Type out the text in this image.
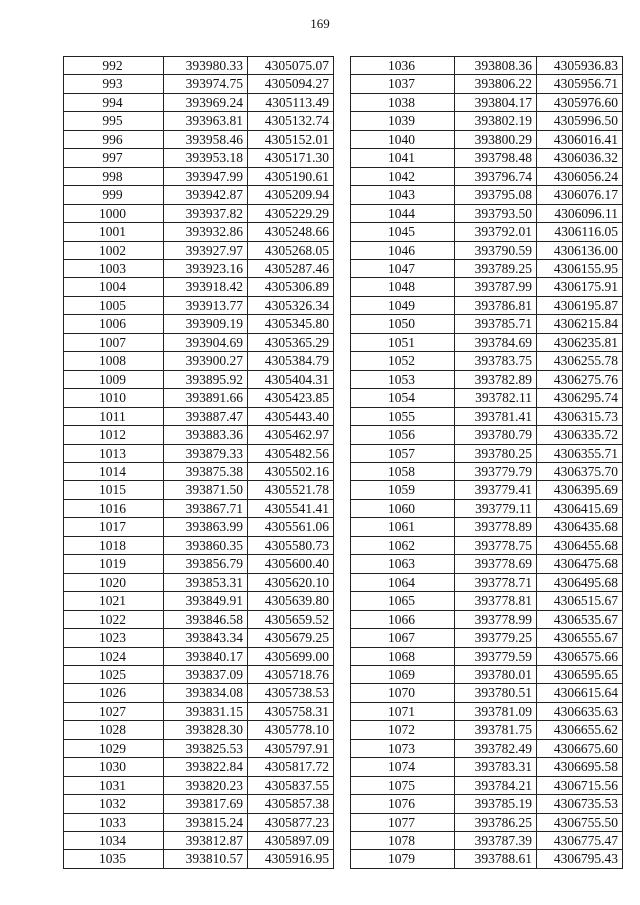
169
992	393980.33	4305075.07
993	393974.75	4305094.27
994	393969.24	4305113.49
995	393963.81	4305132.74
996	393958.46	4305152.01
997	393953.18	4305171.30
998	393947.99	4305190.61
999	393942.87	4305209.94
1000	393937.82	4305229.29
1001	393932.86	4305248.66
1002	393927.97	4305268.05
1003	393923.16	4305287.46
1004	393918.42	4305306.89
1005	393913.77	4305326.34
1006	393909.19	4305345.80
1007	393904.69	4305365.29
1008	393900.27	4305384.79
1009	393895.92	4305404.31
1010	393891.66	4305423.85
1011	393887.47	4305443.40
1012	393883.36	4305462.97
1013	393879.33	4305482.56
1014	393875.38	4305502.16
1015	393871.50	4305521.78
1016	393867.71	4305541.41
1017	393863.99	4305561.06
1018	393860.35	4305580.73
1019	393856.79	4305600.40
1020	393853.31	4305620.10
1021	393849.91	4305639.80
1022	393846.58	4305659.52
1023	393843.34	4305679.25
1024	393840.17	4305699.00
1025	393837.09	4305718.76
1026	393834.08	4305738.53
1027	393831.15	4305758.31
1028	393828.30	4305778.10
1029	393825.53	4305797.91
1030	393822.84	4305817.72
1031	393820.23	4305837.55
1032	393817.69	4305857.38
1033	393815.24	4305877.23
1034	393812.87	4305897.09
1035	393810.57	4305916.95
1036	393808.36	4305936.83
1037	393806.22	4305956.71
1038	393804.17	4305976.60
1039	393802.19	4305996.50
1040	393800.29	4306016.41
1041	393798.48	4306036.32
1042	393796.74	4306056.24
1043	393795.08	4306076.17
1044	393793.50	4306096.11
1045	393792.01	4306116.05
1046	393790.59	4306136.00
1047	393789.25	4306155.95
1048	393787.99	4306175.91
1049	393786.81	4306195.87
1050	393785.71	4306215.84
1051	393784.69	4306235.81
1052	393783.75	4306255.78
1053	393782.89	4306275.76
1054	393782.11	4306295.74
1055	393781.41	4306315.73
1056	393780.79	4306335.72
1057	393780.25	4306355.71
1058	393779.79	4306375.70
1059	393779.41	4306395.69
1060	393779.11	4306415.69
1061	393778.89	4306435.68
1062	393778.75	4306455.68
1063	393778.69	4306475.68
1064	393778.71	4306495.68
1065	393778.81	4306515.67
1066	393778.99	4306535.67
1067	393779.25	4306555.67
1068	393779.59	4306575.66
1069	393780.01	4306595.65
1070	393780.51	4306615.64
1071	393781.09	4306635.63
1072	393781.75	4306655.62
1073	393782.49	4306675.60
1074	393783.31	4306695.58
1075	393784.21	4306715.56
1076	393785.19	4306735.53
1077	393786.25	4306755.50
1078	393787.39	4306775.47
1079	393788.61	4306795.43
